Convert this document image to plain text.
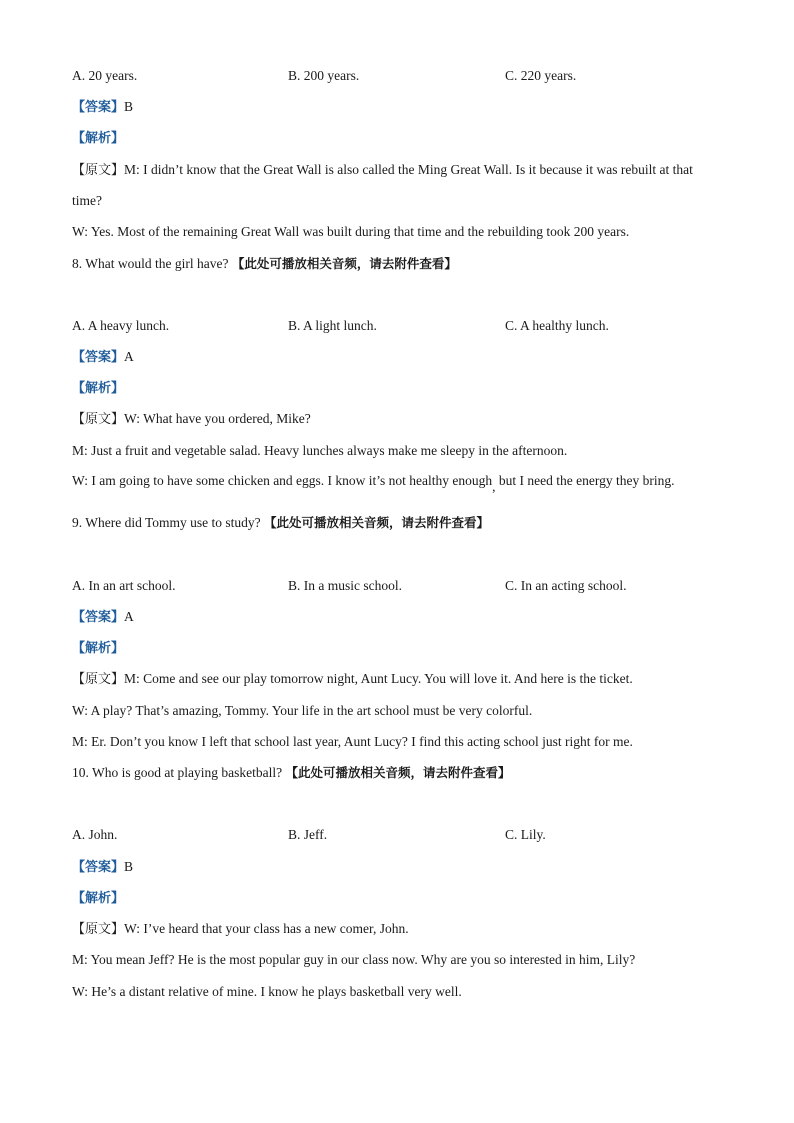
A. 20 years.	B. 200 years.	C. 220 years.
【答案】B
【解析】
【原文】M: I didn’t know that the Great Wall is also called the Ming Great Wall. Is it because it was rebuilt at that
time?
W: Yes. Most of the remaining Great Wall was built during that time and the rebuilding took 200 years.
8. What would the girl have? 【此处可播放相关音频，请去附件查看】
A. A heavy lunch.	B. A light lunch.	C. A healthy lunch.
【答案】A
【解析】
【原文】W: What have you ordered, Mike?
M: Just a fruit and vegetable salad. Heavy lunches always make me sleepy in the afternoon.
W: I am going to have some chicken and eggs. I know it’s not healthy enough, but I need the energy they bring.
9. Where did Tommy use to study? 【此处可播放相关音频，请去附件查看】
A. In an art school.	B. In a music school.	C. In an acting school.
【答案】A
【解析】
【原文】M: Come and see our play tomorrow night, Aunt Lucy. You will love it. And here is the ticket.
W: A play? That’s amazing, Tommy. Your life in the art school must be very colorful.
M: Er. Don’t you know I left that school last year, Aunt Lucy? I find this acting school just right for me.
10. Who is good at playing basketball? 【此处可播放相关音频，请去附件查看】
A. John.	B. Jeff.	C. Lily.
【答案】B
【解析】
【原文】W: I’ve heard that your class has a new comer, John.
M: You mean Jeff? He is the most popular guy in our class now. Why are you so interested in him, Lily?
W: He’s a distant relative of mine. I know he plays basketball very well.
